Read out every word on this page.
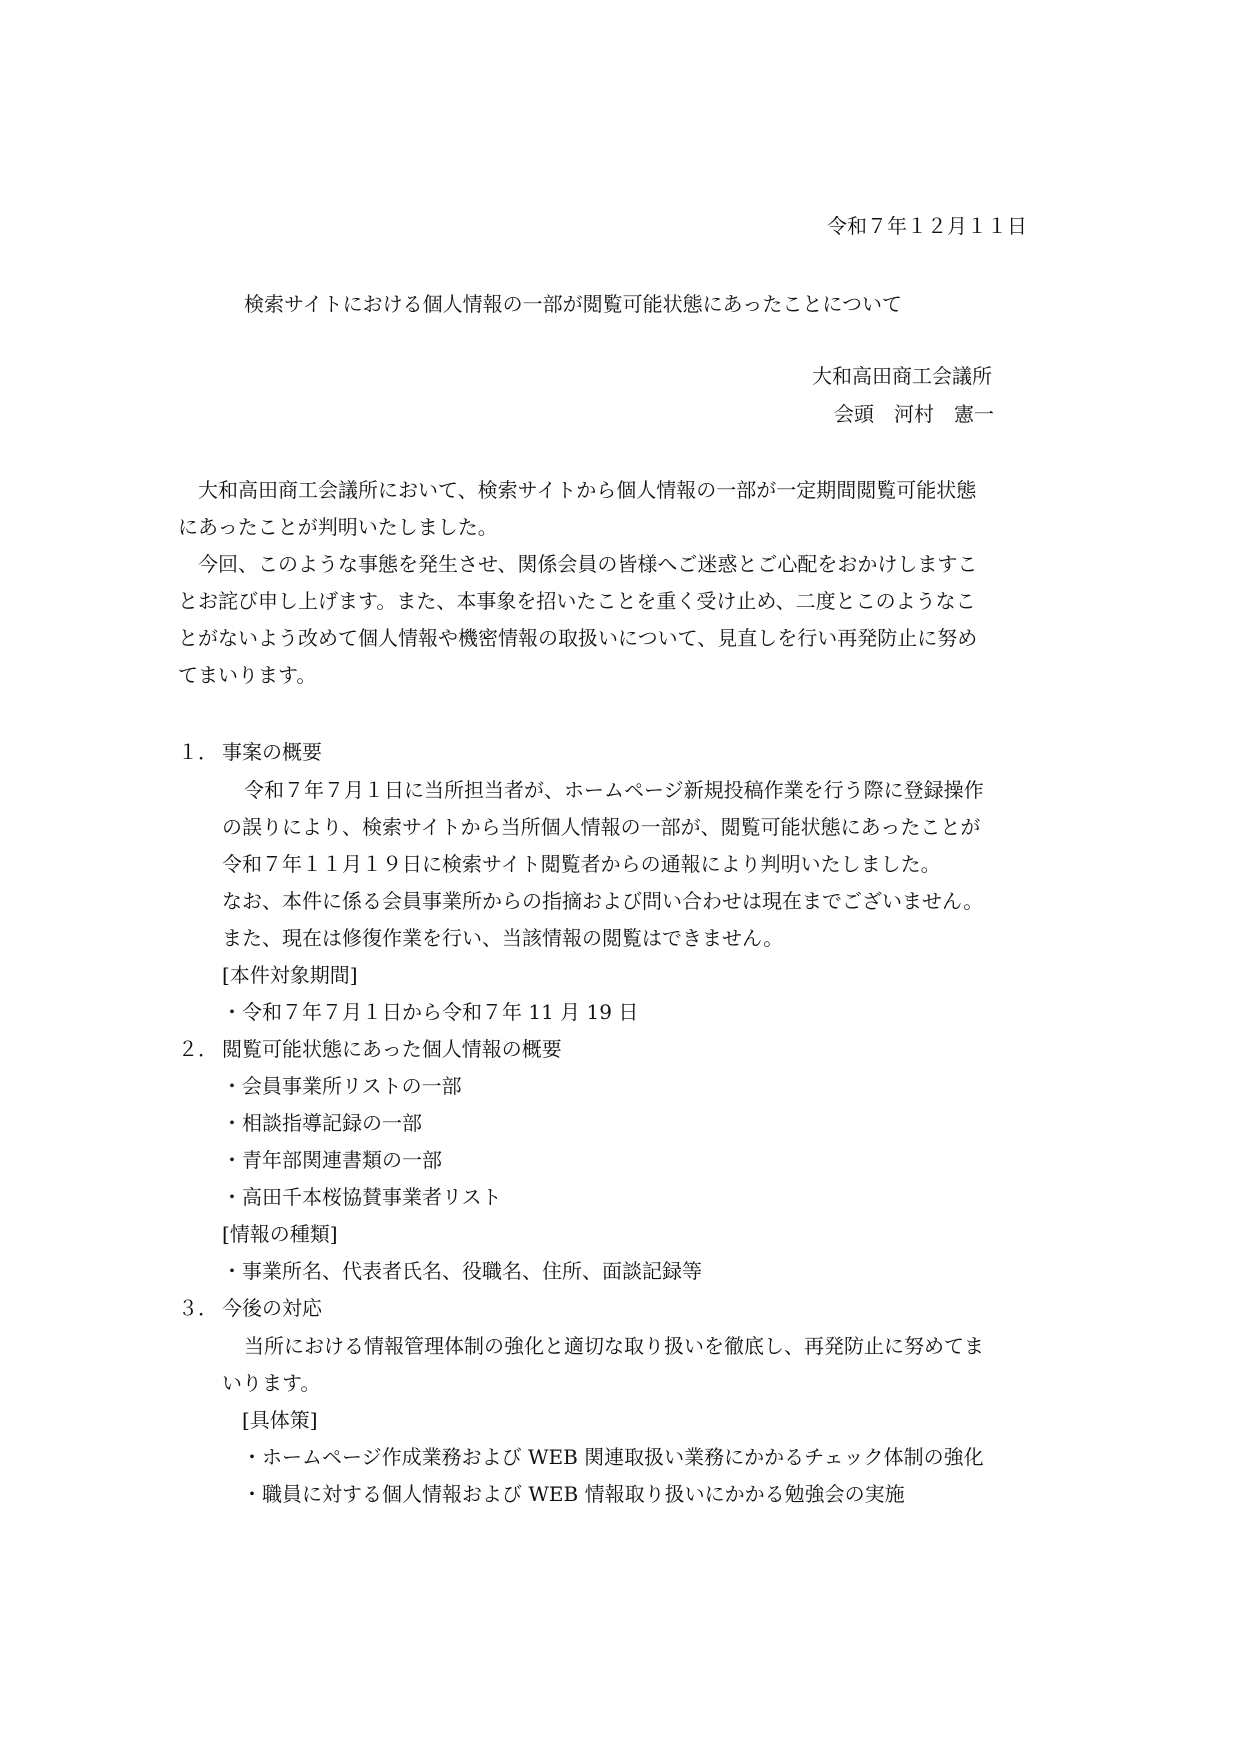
令和７年１２月１１日
検索サイトにおける個人情報の一部が閲覧可能状態にあったことについて
大和高田商工会議所
会頭　河村　憲一
大和高田商工会議所において、検索サイトから個人情報の一部が一定期間閲覧可能状態
にあったことが判明いたしました。
今回、このような事態を発生させ、関係会員の皆様へご迷惑とご心配をおかけしますこ
とお詫び申し上げます。また、本事象を招いたことを重く受け止め、二度とこのようなこ
とがないよう改めて個人情報や機密情報の取扱いについて、見直しを行い再発防止に努め
てまいります。
１． 事案の概要
令和７年７月１日に当所担当者が、ホームページ新規投稿作業を行う際に登録操作
の誤りにより、検索サイトから当所個人情報の一部が、閲覧可能状態にあったことが
令和７年１１月１９日に検索サイト閲覧者からの通報により判明いたしました。
なお、本件に係る会員事業所からの指摘および問い合わせは現在までございません。
また、現在は修復作業を行い、当該情報の閲覧はできません。
[本件対象期間]
・令和７年７月１日から令和７年 11 月 19 日
２． 閲覧可能状態にあった個人情報の概要
・会員事業所リストの一部
・相談指導記録の一部
・青年部関連書類の一部
・高田千本桜協賛事業者リスト
[情報の種類]
・事業所名、代表者氏名、役職名、住所、面談記録等
３． 今後の対応
当所における情報管理体制の強化と適切な取り扱いを徹底し、再発防止に努めてま
いります。
[具体策]
・ホームページ作成業務および WEB 関連取扱い業務にかかるチェック体制の強化
・職員に対する個人情報および WEB 情報取り扱いにかかる勉強会の実施
